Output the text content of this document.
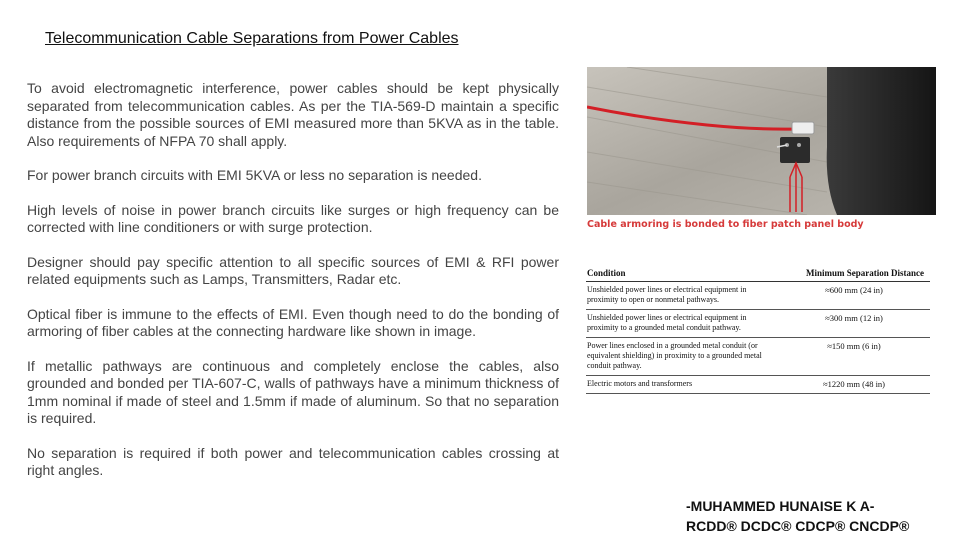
Telecommunication Cable Separations from Power Cables

To avoid electromagnetic interference, power cables should be kept physically separated from telecommunication cables. As per the TIA-569-D maintain a specific distance from the possible sources of EMI measured more than 5KVA as in the table. Also requirements of NFPA 70 shall apply.

For power branch circuits with EMI 5KVA or less no separation is needed.

High levels of noise in power branch circuits like surges or high frequency can be corrected with line conditioners or with surge protection.

Designer should pay specific attention to all specific sources of EMI & RFI power related equipments such as Lamps, Transmitters, Radar etc.

Optical fiber is immune to the effects of EMI. Even though need to do the bonding of armoring of fiber cables at the connecting hardware like shown in image.

If metallic pathways are continuous and completely enclose the cables, also grounded and bonded per TIA-607-C, walls of pathways have a minimum thickness of 1mm nominal if made of steel and 1.5mm if made of aluminum. So that no separation is required.

No separation is required if both power and telecommunication cables crossing at right angles.

Cable armoring is bonded to fiber patch panel body
Condition	Minimum Separation Distance
Unshielded power lines or electrical equipment in proximity to open or nonmetal pathways.	≈600 mm (24 in)
Unshielded power lines or electrical equipment in proximity to a grounded metal conduit pathway.	≈300 mm (12 in)
Power lines enclosed in a grounded metal conduit (or equivalent shielding) in proximity to a grounded metal conduit pathway.	≈150 mm (6 in)
Electric motors and transformers	≈1220 mm (48 in)
-MUHAMMED HUNAISE K A-
RCDD® DCDC® CDCP® CNCDP®
